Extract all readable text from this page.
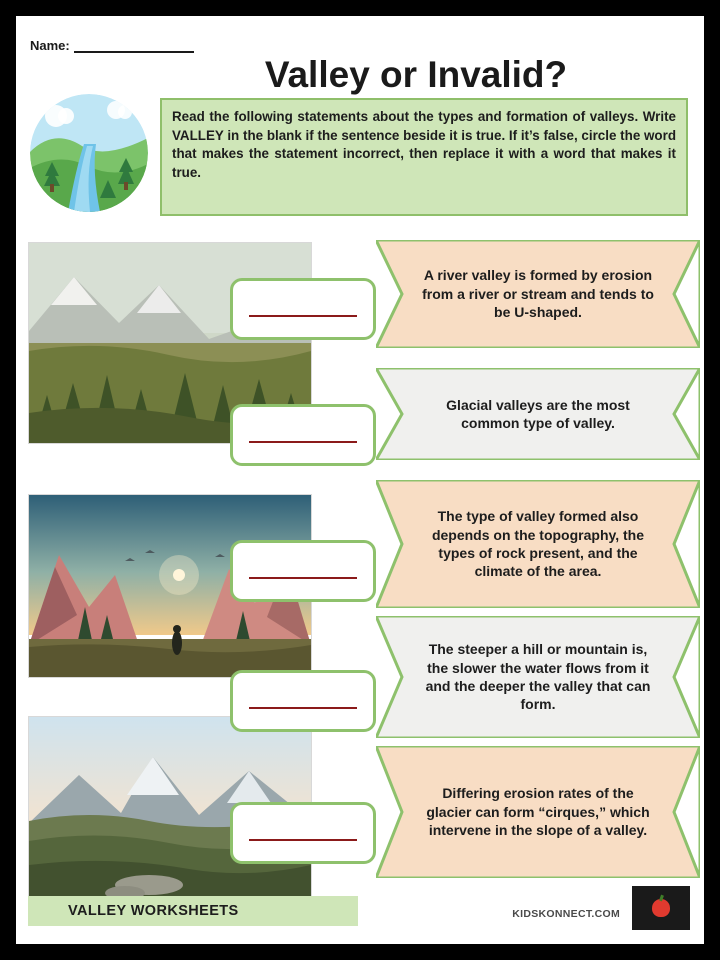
Name:
Valley or Invalid?
Read the following statements about the types and formation of valleys. Write VALLEY in the blank if the sentence beside it is true. If it’s false, circle the word that makes the statement incorrect, then replace it with a word that makes it true.
A river valley is formed by erosion from a river or stream and tends to be U-shaped.
Glacial valleys are the most common type of valley.
The type of valley formed also depends on the topography, the types of rock present, and the climate of the area.
The steeper a hill or mountain is, the slower the water flows from it and the deeper the valley that can form.
Differing erosion rates of the glacier can form “cirques,” which intervene in the slope of a valley.
VALLEY WORKSHEETS	KIDSKONNECT.COM
